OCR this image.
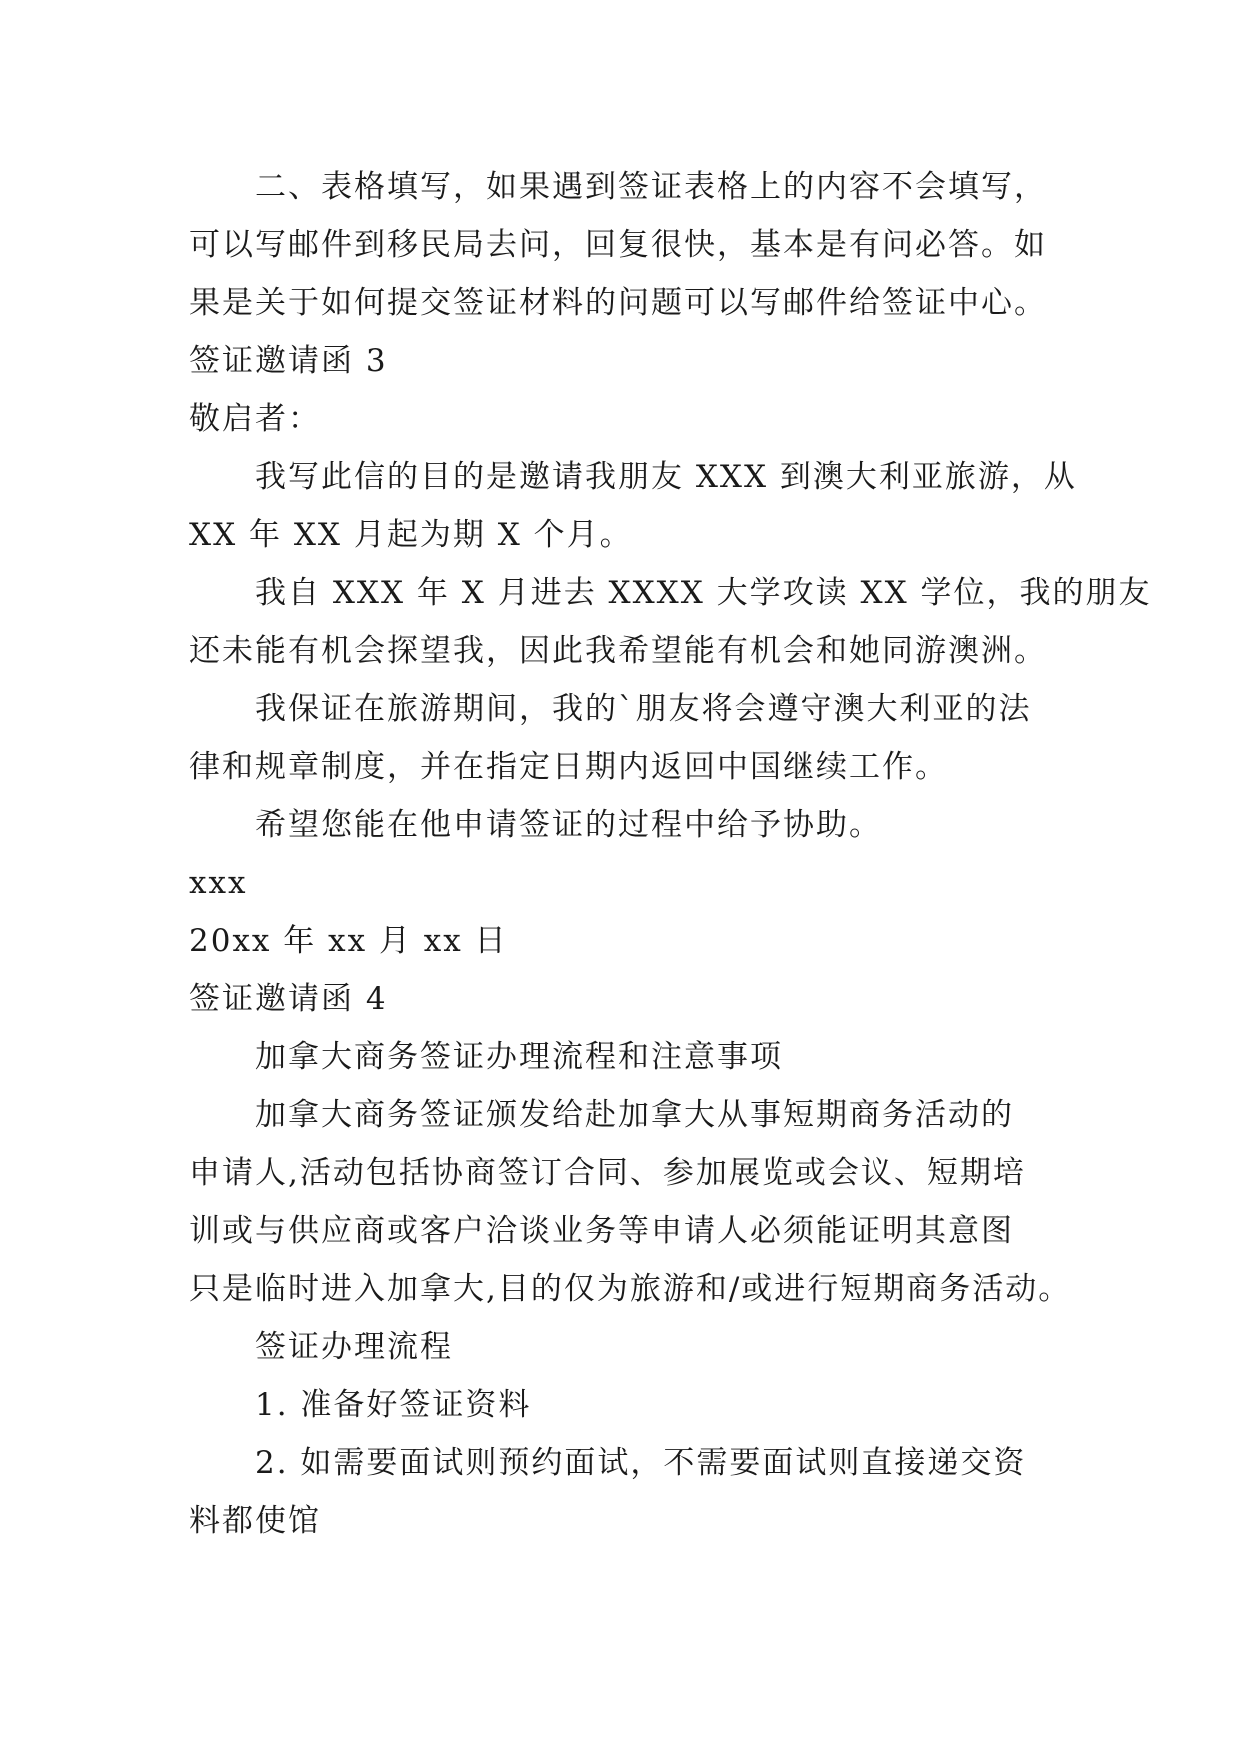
二、表格填写，如果遇到签证表格上的内容不会填写，
可以写邮件到移民局去问，回复很快，基本是有问必答。如
果是关于如何提交签证材料的问题可以写邮件给签证中心。
签证邀请函 3
敬启者：
我写此信的目的是邀请我朋友 XXX 到澳大利亚旅游，从
XX 年 XX 月起为期 X 个月。
我自 XXX 年 X 月进去 XXXX 大学攻读 XX 学位，我的朋友
还未能有机会探望我，因此我希望能有机会和她同游澳洲。
我保证在旅游期间，我的`朋友将会遵守澳大利亚的法
律和规章制度，并在指定日期内返回中国继续工作。
希望您能在他申请签证的过程中给予协助。
xxx
20xx 年 xx 月 xx 日
签证邀请函 4
加拿大商务签证办理流程和注意事项
加拿大商务签证颁发给赴加拿大从事短期商务活动的
申请人,活动包括协商签订合同、参加展览或会议、短期培
训或与供应商或客户洽谈业务等申请人必须能证明其意图
只是临时进入加拿大,目的仅为旅游和/或进行短期商务活动。
签证办理流程
1. 准备好签证资料
2. 如需要面试则预约面试，不需要面试则直接递交资
料都使馆
